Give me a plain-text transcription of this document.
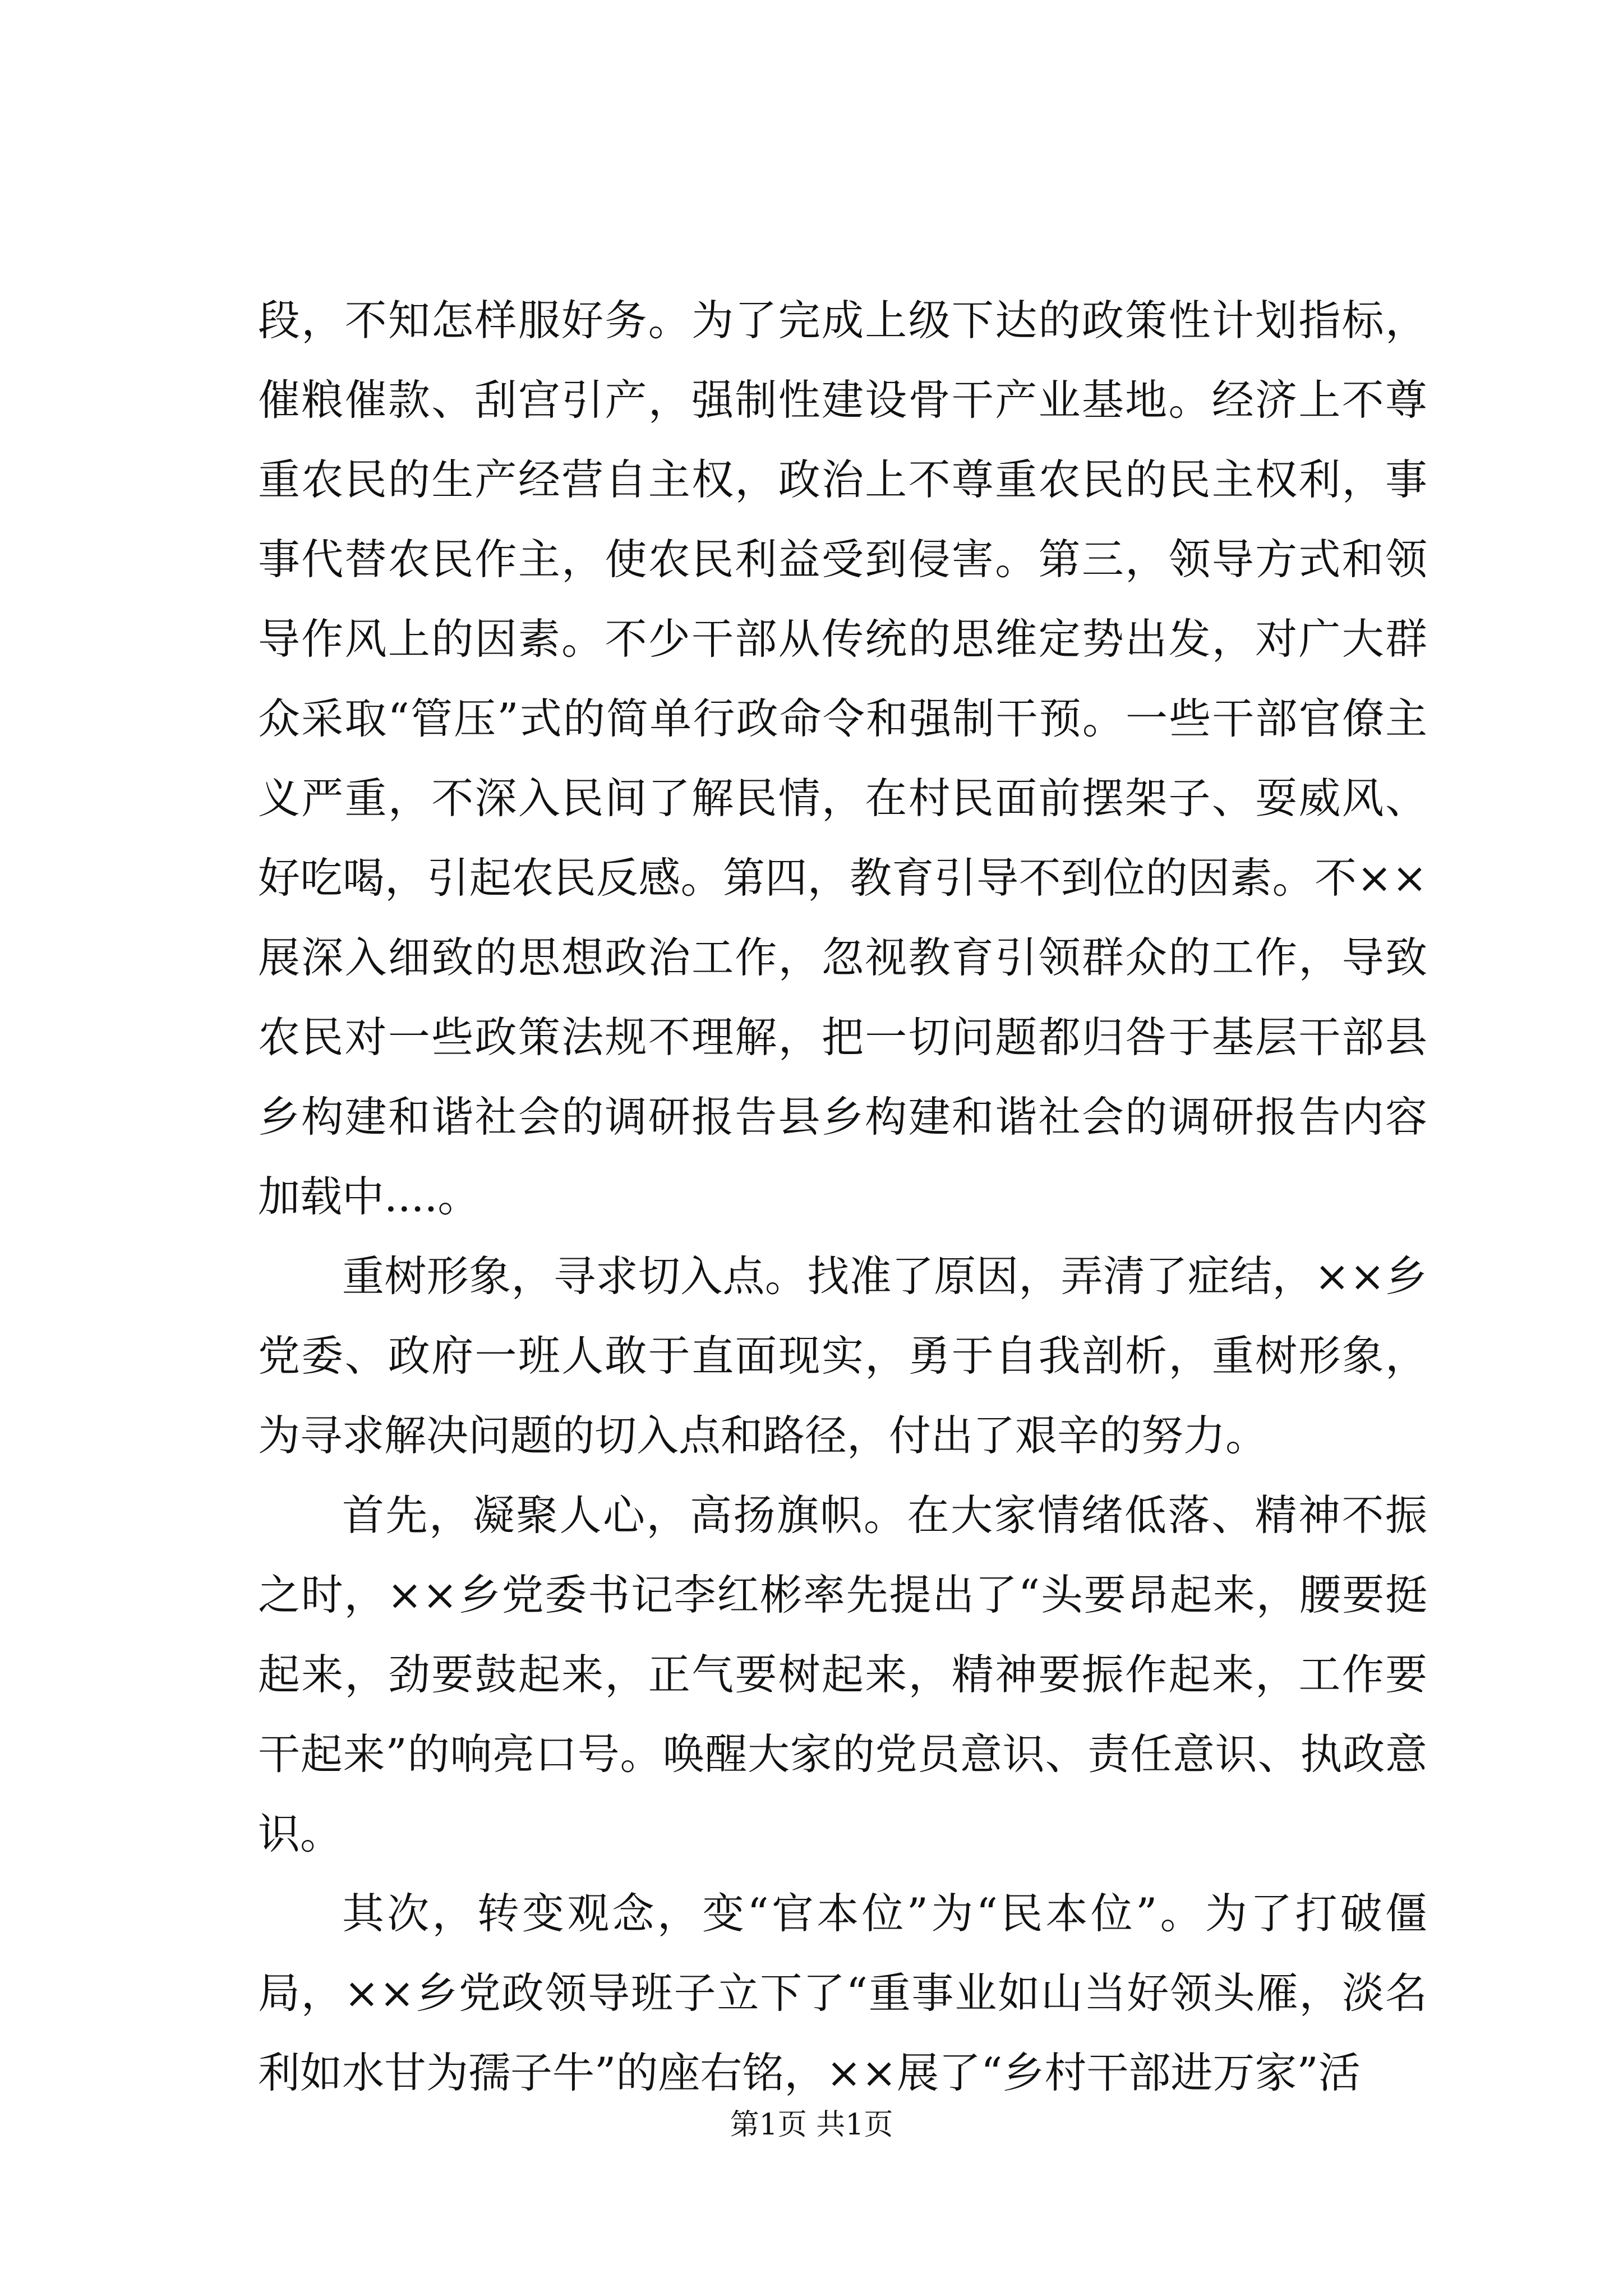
段，不知怎样服好务。为了完成上级下达的政策性计划指标，催粮催款、刮宫引产，强制性建设骨干产业基地。经济上不尊重农民的生产经营自主权，政治上不尊重农民的民主权利，事事代替农民作主，使农民利益受到侵害。第三，领导方式和领导作风上的因素。不少干部从传统的思维定势出发，对广大群众采取“管压”式的简单行政命令和强制干预。一些干部官僚主义严重，不深入民间了解民情，在村民面前摆架子、耍威风、好吃喝，引起农民反感。第四，教育引导不到位的因素。不××展深入细致的思想政治工作，忽视教育引领群众的工作，导致农民对一些政策法规不理解，把一切问题都归咎于基层干部县乡构建和谐社会的调研报告县乡构建和谐社会的调研报告内容加载中....。

重树形象，寻求切入点。找准了原因，弄清了症结，××乡党委、政府一班人敢于直面现实，勇于自我剖析，重树形象，为寻求解决问题的切入点和路径，付出了艰辛的努力。

首先，凝聚人心，高扬旗帜。在大家情绪低落、精神不振之时，××乡党委书记李红彬率先提出了“头要昂起来，腰要挺起来，劲要鼓起来，正气要树起来，精神要振作起来，工作要干起来”的响亮口号。唤醒大家的党员意识、责任意识、执政意识。

其次，转变观念，变“官本位”为“民本位”。为了打破僵局，××乡党政领导班子立下了“重事业如山当好领头雁，淡名利如水甘为孺子牛”的座右铭，××展了“乡村干部进万家”活

第1页 共1页
